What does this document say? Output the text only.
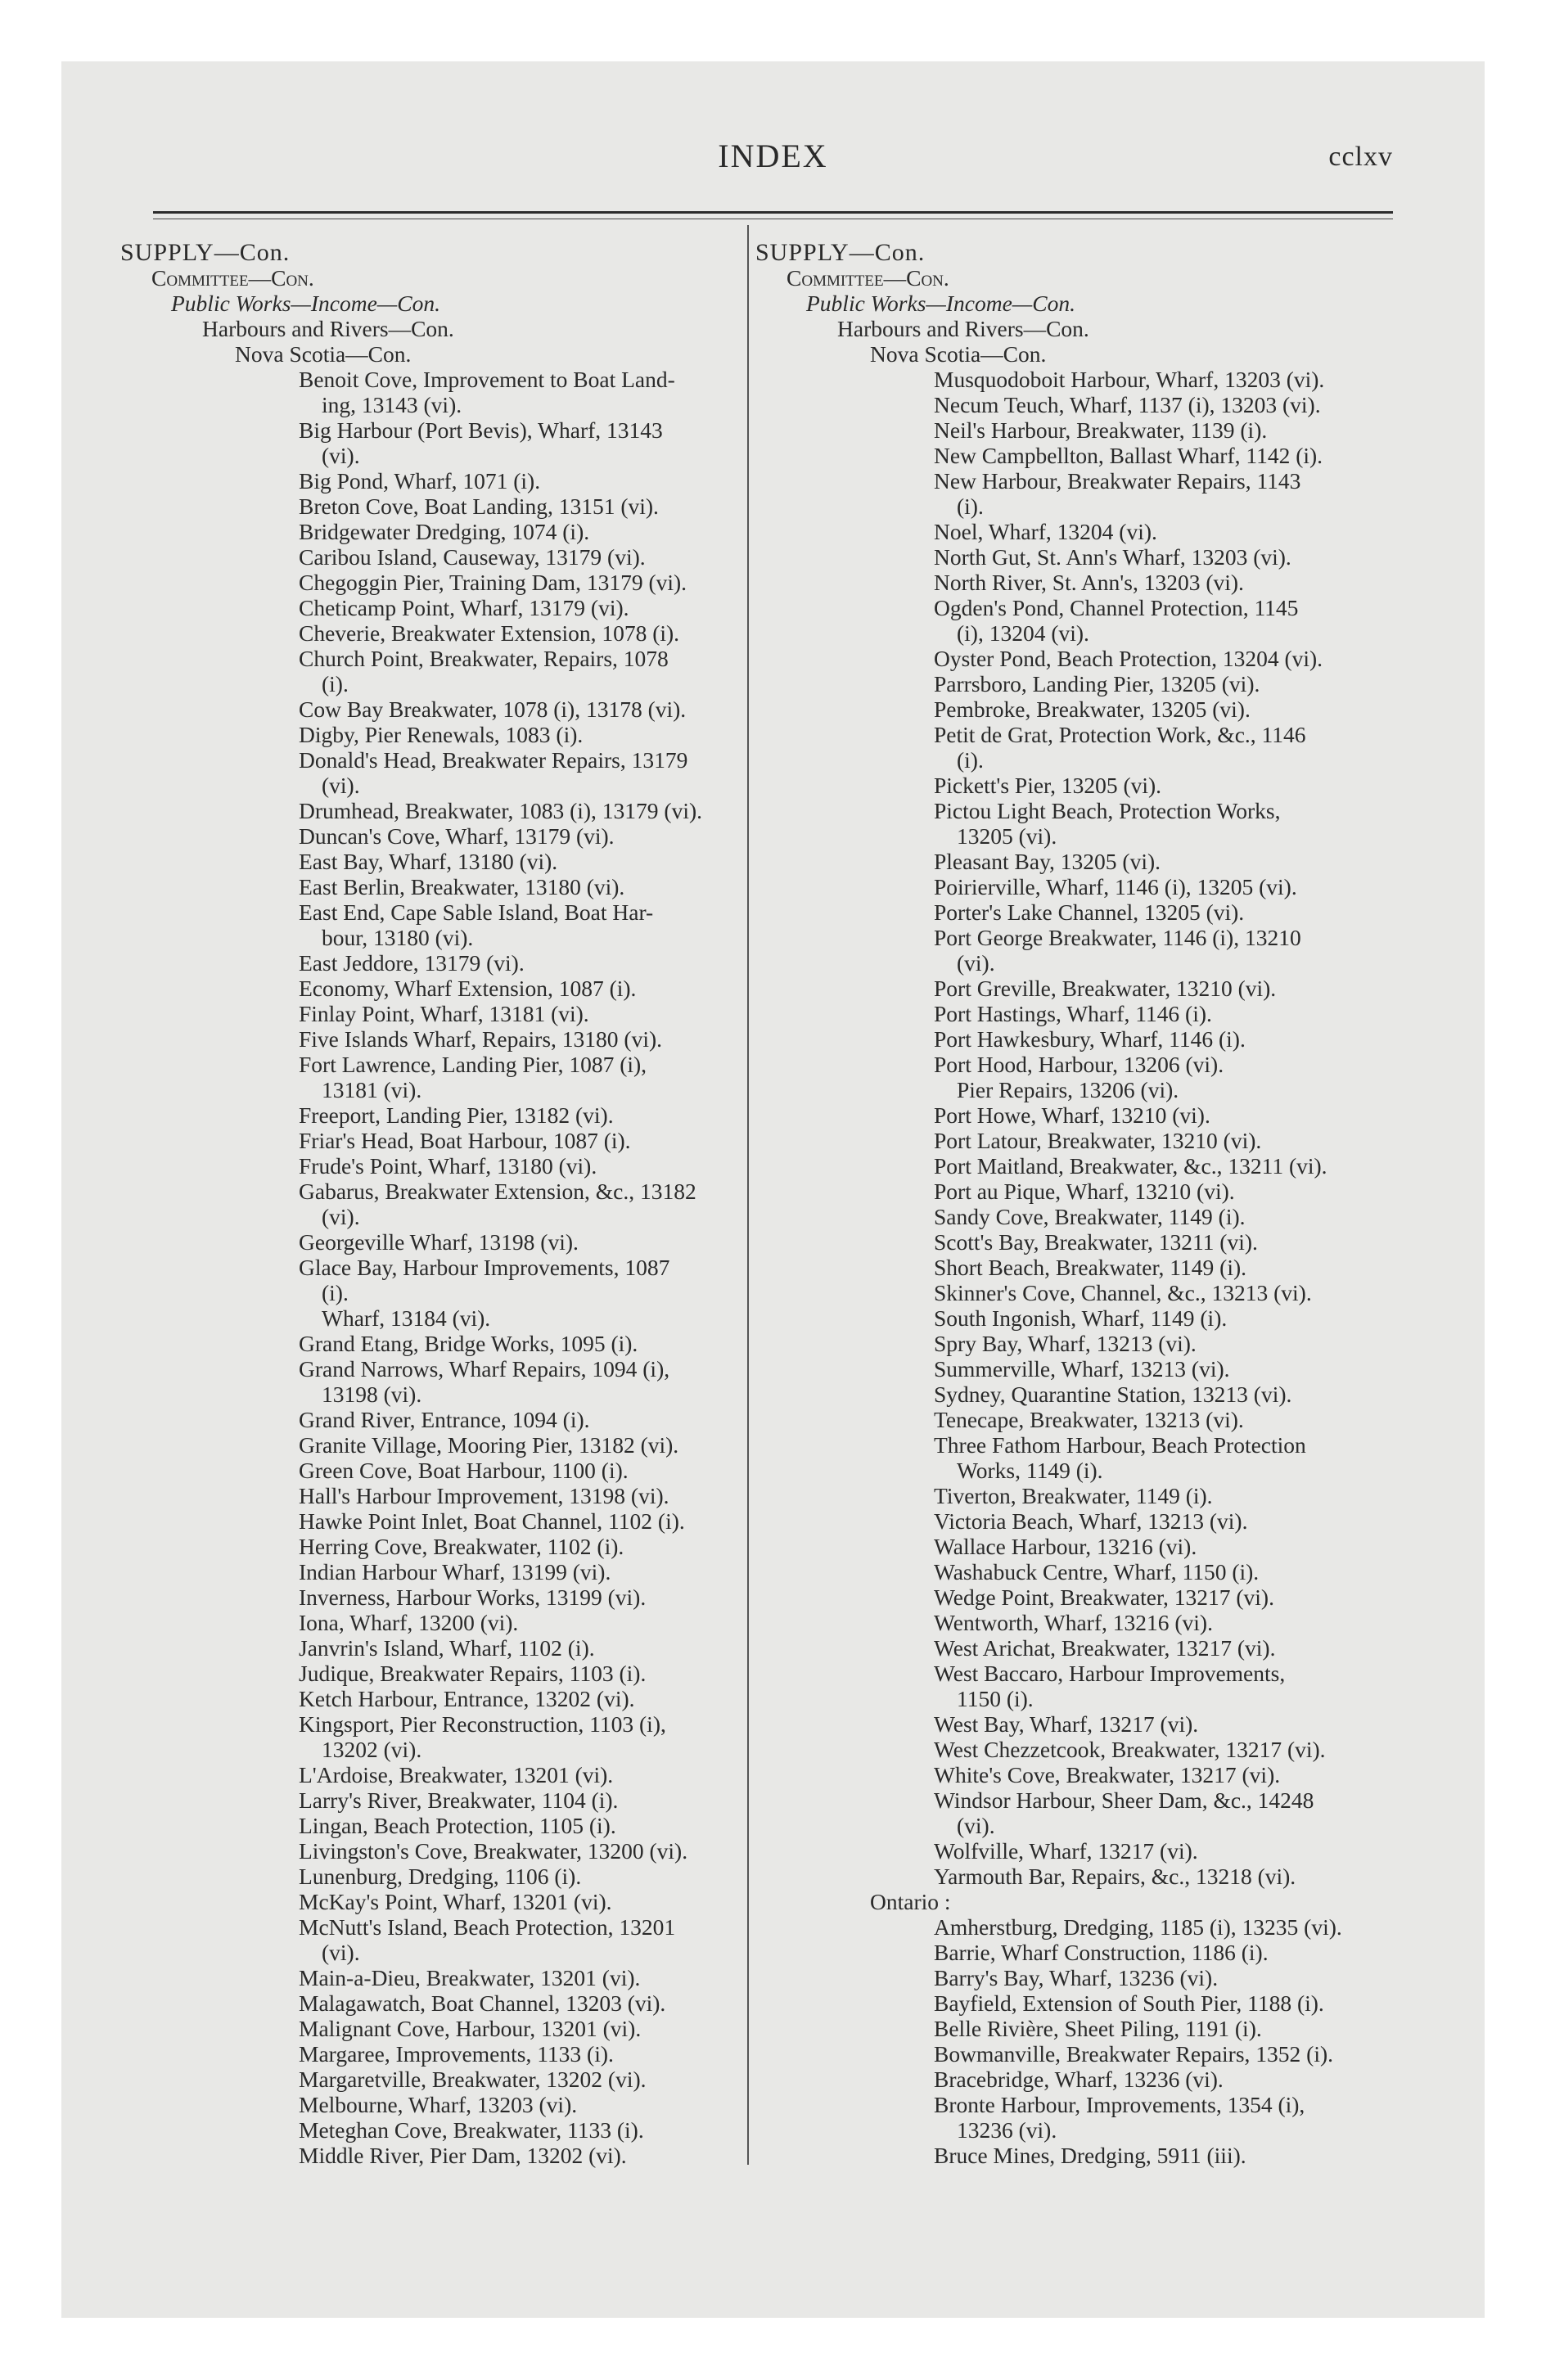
INDEX	cclxv
SUPPLY—Con.
Committee—Con.
Public Works—Income—Con.
Harbours and Rivers—Con.
Nova Scotia—Con.
Benoit Cove, Improvement to Boat Land-
ing, 13143 (vi).
Big Harbour (Port Bevis), Wharf, 13143
(vi).
Big Pond, Wharf, 1071 (i).
Breton Cove, Boat Landing, 13151 (vi).
Bridgewater Dredging, 1074 (i).
Caribou Island, Causeway, 13179 (vi).
Chegoggin Pier, Training Dam, 13179 (vi).
Cheticamp Point, Wharf, 13179 (vi).
Cheverie, Breakwater Extension, 1078 (i).
Church Point, Breakwater, Repairs, 1078
(i).
Cow Bay Breakwater, 1078 (i), 13178 (vi).
Digby, Pier Renewals, 1083 (i).
Donald's Head, Breakwater Repairs, 13179
(vi).
Drumhead, Breakwater, 1083 (i), 13179 (vi).
Duncan's Cove, Wharf, 13179 (vi).
East Bay, Wharf, 13180 (vi).
East Berlin, Breakwater, 13180 (vi).
East End, Cape Sable Island, Boat Har-
bour, 13180 (vi).
East Jeddore, 13179 (vi).
Economy, Wharf Extension, 1087 (i).
Finlay Point, Wharf, 13181 (vi).
Five Islands Wharf, Repairs, 13180 (vi).
Fort Lawrence, Landing Pier, 1087 (i),
13181 (vi).
Freeport, Landing Pier, 13182 (vi).
Friar's Head, Boat Harbour, 1087 (i).
Frude's Point, Wharf, 13180 (vi).
Gabarus, Breakwater Extension, &c., 13182
(vi).
Georgeville Wharf, 13198 (vi).
Glace Bay, Harbour Improvements, 1087
(i).
Wharf, 13184 (vi).
Grand Etang, Bridge Works, 1095 (i).
Grand Narrows, Wharf Repairs, 1094 (i),
13198 (vi).
Grand River, Entrance, 1094 (i).
Granite Village, Mooring Pier, 13182 (vi).
Green Cove, Boat Harbour, 1100 (i).
Hall's Harbour Improvement, 13198 (vi).
Hawke Point Inlet, Boat Channel, 1102 (i).
Herring Cove, Breakwater, 1102 (i).
Indian Harbour Wharf, 13199 (vi).
Inverness, Harbour Works, 13199 (vi).
Iona, Wharf, 13200 (vi).
Janvrin's Island, Wharf, 1102 (i).
Judique, Breakwater Repairs, 1103 (i).
Ketch Harbour, Entrance, 13202 (vi).
Kingsport, Pier Reconstruction, 1103 (i),
13202 (vi).
L'Ardoise, Breakwater, 13201 (vi).
Larry's River, Breakwater, 1104 (i).
Lingan, Beach Protection, 1105 (i).
Livingston's Cove, Breakwater, 13200 (vi).
Lunenburg, Dredging, 1106 (i).
McKay's Point, Wharf, 13201 (vi).
McNutt's Island, Beach Protection, 13201
(vi).
Main-a-Dieu, Breakwater, 13201 (vi).
Malagawatch, Boat Channel, 13203 (vi).
Malignant Cove, Harbour, 13201 (vi).
Margaree, Improvements, 1133 (i).
Margaretville, Breakwater, 13202 (vi).
Melbourne, Wharf, 13203 (vi).
Meteghan Cove, Breakwater, 1133 (i).
Middle River, Pier Dam, 13202 (vi).
SUPPLY—Con.
Committee—Con.
Public Works—Income—Con.
Harbours and Rivers—Con.
Nova Scotia—Con.
Musquodoboit Harbour, Wharf, 13203 (vi).
Necum Teuch, Wharf, 1137 (i), 13203 (vi).
Neil's Harbour, Breakwater, 1139 (i).
New Campbellton, Ballast Wharf, 1142 (i).
New Harbour, Breakwater Repairs, 1143
(i).
Noel, Wharf, 13204 (vi).
North Gut, St. Ann's Wharf, 13203 (vi).
North River, St. Ann's, 13203 (vi).
Ogden's Pond, Channel Protection, 1145
(i), 13204 (vi).
Oyster Pond, Beach Protection, 13204 (vi).
Parrsboro, Landing Pier, 13205 (vi).
Pembroke, Breakwater, 13205 (vi).
Petit de Grat, Protection Work, &c., 1146
(i).
Pickett's Pier, 13205 (vi).
Pictou Light Beach, Protection Works,
13205 (vi).
Pleasant Bay, 13205 (vi).
Poirierville, Wharf, 1146 (i), 13205 (vi).
Porter's Lake Channel, 13205 (vi).
Port George Breakwater, 1146 (i), 13210
(vi).
Port Greville, Breakwater, 13210 (vi).
Port Hastings, Wharf, 1146 (i).
Port Hawkesbury, Wharf, 1146 (i).
Port Hood, Harbour, 13206 (vi).
Pier Repairs, 13206 (vi).
Port Howe, Wharf, 13210 (vi).
Port Latour, Breakwater, 13210 (vi).
Port Maitland, Breakwater, &c., 13211 (vi).
Port au Pique, Wharf, 13210 (vi).
Sandy Cove, Breakwater, 1149 (i).
Scott's Bay, Breakwater, 13211 (vi).
Short Beach, Breakwater, 1149 (i).
Skinner's Cove, Channel, &c., 13213 (vi).
South Ingonish, Wharf, 1149 (i).
Spry Bay, Wharf, 13213 (vi).
Summerville, Wharf, 13213 (vi).
Sydney, Quarantine Station, 13213 (vi).
Tenecape, Breakwater, 13213 (vi).
Three Fathom Harbour, Beach Protection
Works, 1149 (i).
Tiverton, Breakwater, 1149 (i).
Victoria Beach, Wharf, 13213 (vi).
Wallace Harbour, 13216 (vi).
Washabuck Centre, Wharf, 1150 (i).
Wedge Point, Breakwater, 13217 (vi).
Wentworth, Wharf, 13216 (vi).
West Arichat, Breakwater, 13217 (vi).
West Baccaro, Harbour Improvements,
1150 (i).
West Bay, Wharf, 13217 (vi).
West Chezzetcook, Breakwater, 13217 (vi).
White's Cove, Breakwater, 13217 (vi).
Windsor Harbour, Sheer Dam, &c., 14248
(vi).
Wolfville, Wharf, 13217 (vi).
Yarmouth Bar, Repairs, &c., 13218 (vi).
Ontario :
Amherstburg, Dredging, 1185 (i), 13235 (vi).
Barrie, Wharf Construction, 1186 (i).
Barry's Bay, Wharf, 13236 (vi).
Bayfield, Extension of South Pier, 1188 (i).
Belle Rivière, Sheet Piling, 1191 (i).
Bowmanville, Breakwater Repairs, 1352 (i).
Bracebridge, Wharf, 13236 (vi).
Bronte Harbour, Improvements, 1354 (i),
13236 (vi).
Bruce Mines, Dredging, 5911 (iii).
